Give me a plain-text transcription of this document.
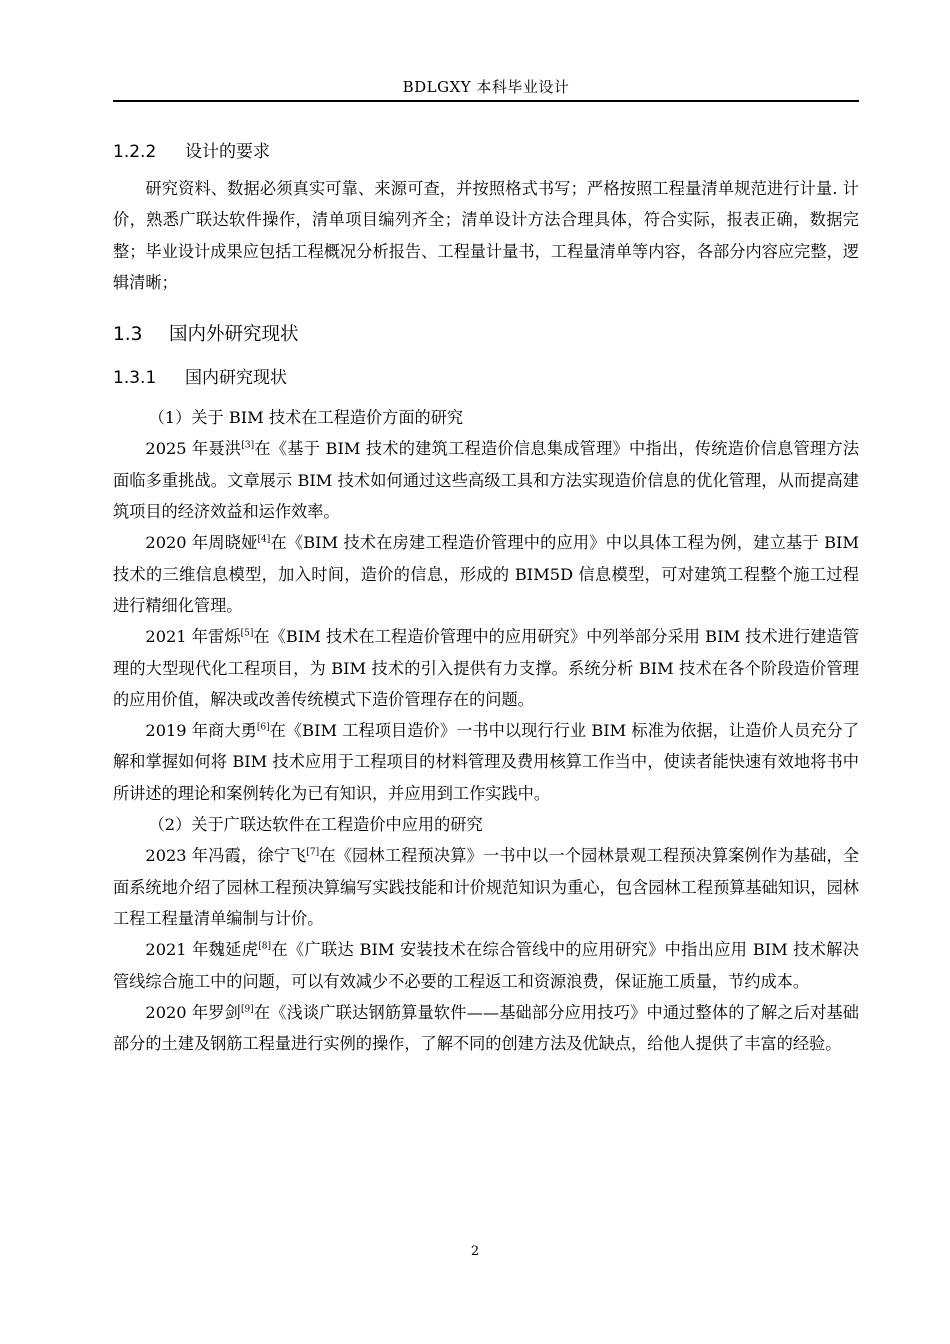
BDLGXY 本科毕业设计
1.2.2 设计的要求

研究资料、数据必须真实可靠、来源可查，并按照格式书写；严格按照工程量清单规范进行计量. 计价，熟悉广联达软件操作，清单项目编列齐全；清单设计方法合理具体，符合实际，报表正确，数据完整；毕业设计成果应包括工程概况分析报告、工程量计量书，工程量清单等内容，各部分内容应完整，逻辑清晰；

1.3 国内外研究现状
1.3.1 国内研究现状

（1）关于 BIM 技术在工程造价方面的研究

2025 年聂洪[3]在《基于 BIM 技术的建筑工程造价信息集成管理》中指出，传统造价信息管理方法面临多重挑战。文章展示 BIM 技术如何通过这些高级工具和方法实现造价信息的优化管理，从而提高建筑项目的经济效益和运作效率。

2020 年周晓娅[4]在《BIM 技术在房建工程造价管理中的应用》中以具体工程为例，建立基于 BIM 技术的三维信息模型，加入时间，造价的信息，形成的 BIM5D 信息模型，可对建筑工程整个施工过程进行精细化管理。

2021 年雷烁[5]在《BIM 技术在工程造价管理中的应用研究》中列举部分采用 BIM 技术进行建造管理的大型现代化工程项目，为 BIM 技术的引入提供有力支撑。系统分析 BIM 技术在各个阶段造价管理的应用价值，解决或改善传统模式下造价管理存在的问题。

2019 年商大勇[6]在《BIM 工程项目造价》一书中以现行行业 BIM 标准为依据，让造价人员充分了解和掌握如何将 BIM 技术应用于工程项目的材料管理及费用核算工作当中，使读者能快速有效地将书中所讲述的理论和案例转化为已有知识，并应用到工作实践中。

（2）关于广联达软件在工程造价中应用的研究

2023 年冯霞，徐宁飞[7]在《园林工程预决算》一书中以一个园林景观工程预决算案例作为基础，全面系统地介绍了园林工程预决算编写实践技能和计价规范知识为重心，包含园林工程预算基础知识，园林工程工程量清单编制与计价。

2021 年魏延虎[8]在《广联达 BIM 安装技术在综合管线中的应用研究》中指出应用 BIM 技术解决管线综合施工中的问题，可以有效减少不必要的工程返工和资源浪费，保证施工质量，节约成本。

2020 年罗剑[9]在《浅谈广联达钢筋算量软件——基础部分应用技巧》中通过整体的了解之后对基础部分的土建及钢筋工程量进行实例的操作，了解不同的创建方法及优缺点，给他人提供了丰富的经验。

2
